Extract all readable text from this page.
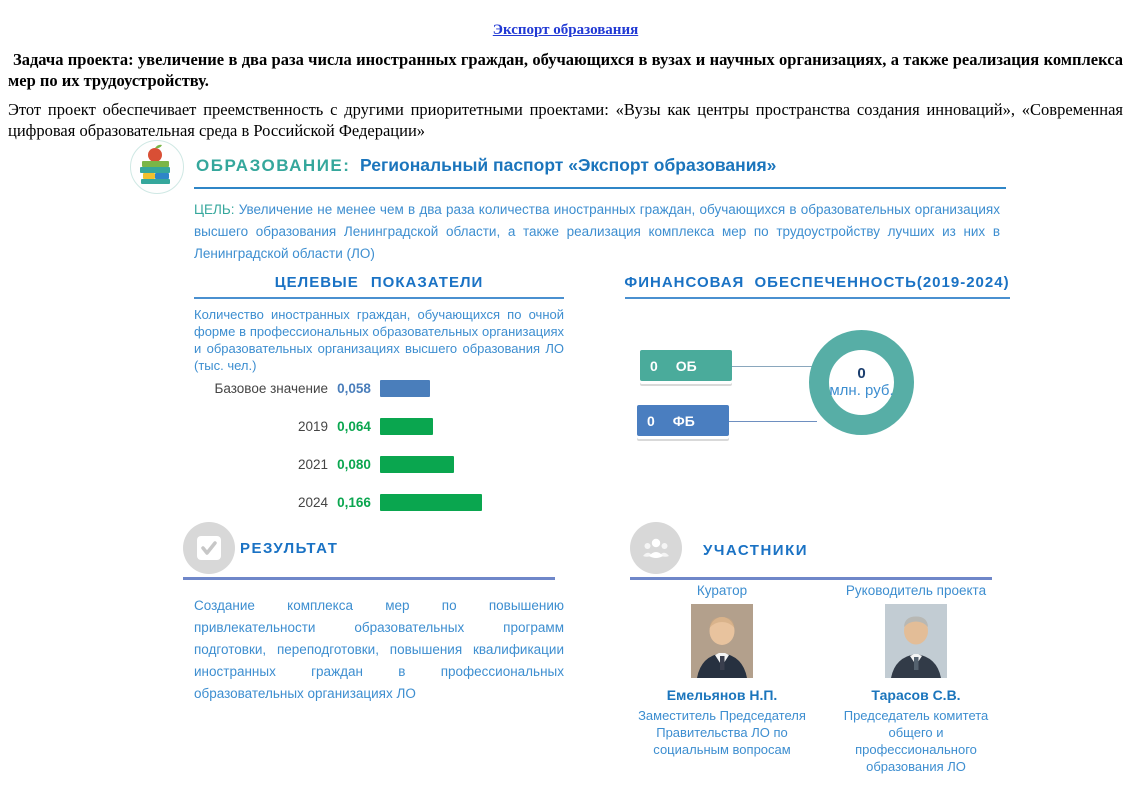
Экспорт образования

Задача проекта: увеличение в два раза числа иностранных граждан, обучающихся в вузах и научных организациях, а также реализация комплекса мер по их трудоустройству.

Этот проект обеспечивает преемственность с другими приоритетными проектами: «Вузы как центры пространства создания инноваций», «Современная цифровая образовательная среда в Российской Федерации»

ОБРАЗОВАНИЕ: Региональный паспорт «Экспорт образования»

ЦЕЛЬ: Увеличение не менее чем в два раза количества иностранных граждан, обучающихся в образовательных организациях высшего образования Ленинградской области, а также реализация комплекса мер по трудоустройству лучших из них в Ленинградской области (ЛО)

ЦЕЛЕВЫЕ ПОКАЗАТЕЛИ

Количество иностранных граждан, обучающихся по очной форме в профессиональных образовательных организациях и образовательных организациях высшего образования ЛО (тыс. чел.)

Базовое значение 0,058
2019 0,064
2021 0,080
2024 0,166
ФИНАНСОВАЯ ОБЕСПЕЧЕННОСТЬ(2019-2024)
0 ОБ
0 ФБ
0
млн. руб.
РЕЗУЛЬТАТ

Создание комплекса мер по повышению привлекательности образовательных программ подготовки, переподготовки, повышения квалификации иностранных граждан в профессиональных образовательных организациях ЛО

УЧАСТНИКИ
Куратор
Емельянов Н.П.
Заместитель Председателя Правительства ЛО по социальным вопросам
Руководитель проекта
Тарасов С.В.
Председатель комитета общего и профессионального образования ЛО
